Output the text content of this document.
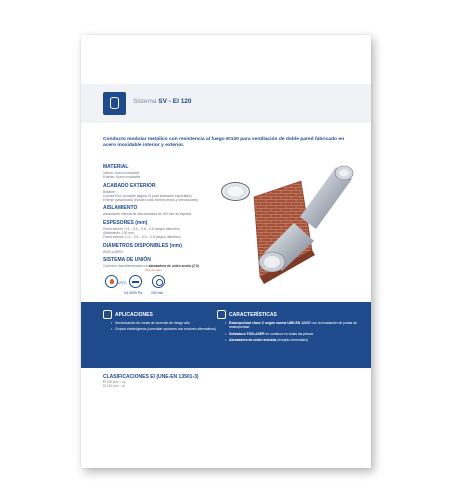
Sistema SV - EI 120
Conducto modular metálico con resistencia al fuego EI120 para ventilación de doble pared fabricado en acero inoxidable interior y exterior.
MATERIAL
Interior: Acero inoxidable
Exterior: Acero inoxidable
ACABADO EXTERIOR
Brillante
Colores RAL (consulte página 14 para acabados especiales)
Exterior galvanizado (incluido codo tramos rectos y derivaciones)
AISLAMIENTO
Aislamiento mineral de alta densidad de 100 mm de espesor
ESPESORES (mm)
Pared interior: 0,4 – 0,5 – 0,6 – 0,8 (según diámetro)
Aislamiento: 100 mm
Pared exterior: 0,4 – 0,5 – 0,6 – 0,8 (según diámetro)
DIÁMETROS DISPONIBLES (mm)
Ø100 a Ø900
SISTEMA DE UNIÓN
Conexión machihembrada con abrazadera de unión ancha (2.0)
Test de calor
120°C
H1 5000 Pa	100 mm
APLICACIONES
• Sectorización de zonas de incendio de riesgo alto
• Grupos electrógenos (consultar opciones con motores alternativos)
CARACTERÍSTICAS
• Estanqueidad clase C según norma UNE-EN 12237 con la instalación de juntas de estanqueidad
• Soldadura TIG/LASER en continuo en todas las piezas
• Abrazadera de unión incluida (excepto terminales)
CLASIFICACIONES EI (UNE-EN 13501-3)
EI 120 (ho i→o)
EI 120 (ve i→o)
